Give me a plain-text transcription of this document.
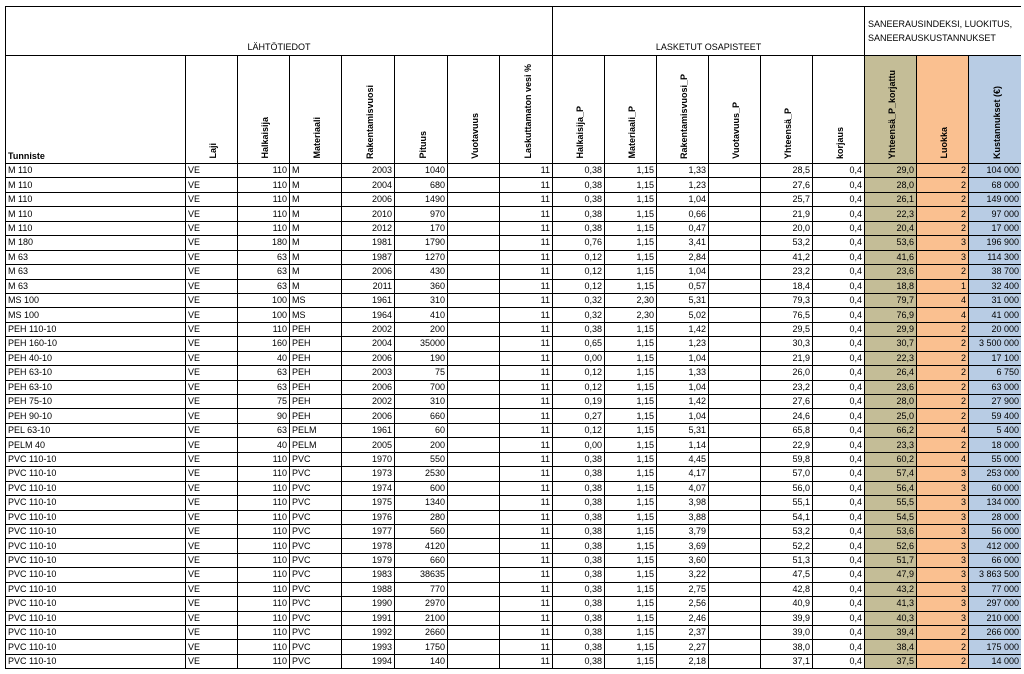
LÄHTÖTIEDOT								LASKETUT OSAPISTEET						SANEERAUSINDEKSI, LUOKITUS, SANEERAUSKUSTANNUKSET		
Tunniste	Laji	Halkaisija	Materiaali	Rakentamisvuosi	Pituus	Vuotavuus	Laskuttamaton vesi %	Halkaisija_P	Materiaali_P	Rakentamisvuosi_P	Vuotavuus_P	Yhteensä_P	korjaus	Yhteensä_P_korjattu	Luokka	Kustannukset (€)
M 110	VE	110	M	2003	1040		11	0,38	1,15	1,33		28,5	0,4	29,0	2	104 000
M 110	VE	110	M	2004	680		11	0,38	1,15	1,23		27,6	0,4	28,0	2	68 000
M 110	VE	110	M	2006	1490		11	0,38	1,15	1,04		25,7	0,4	26,1	2	149 000
M 110	VE	110	M	2010	970		11	0,38	1,15	0,66		21,9	0,4	22,3	2	97 000
M 110	VE	110	M	2012	170		11	0,38	1,15	0,47		20,0	0,4	20,4	2	17 000
M 180	VE	180	M	1981	1790		11	0,76	1,15	3,41		53,2	0,4	53,6	3	196 900
M 63	VE	63	M	1987	1270		11	0,12	1,15	2,84		41,2	0,4	41,6	3	114 300
M 63	VE	63	M	2006	430		11	0,12	1,15	1,04		23,2	0,4	23,6	2	38 700
M 63	VE	63	M	2011	360		11	0,12	1,15	0,57		18,4	0,4	18,8	1	32 400
MS 100	VE	100	MS	1961	310		11	0,32	2,30	5,31		79,3	0,4	79,7	4	31 000
MS 100	VE	100	MS	1964	410		11	0,32	2,30	5,02		76,5	0,4	76,9	4	41 000
PEH 110-10	VE	110	PEH	2002	200		11	0,38	1,15	1,42		29,5	0,4	29,9	2	20 000
PEH 160-10	VE	160	PEH	2004	35000		11	0,65	1,15	1,23		30,3	0,4	30,7	2	3 500 000
PEH 40-10	VE	40	PEH	2006	190		11	0,00	1,15	1,04		21,9	0,4	22,3	2	17 100
PEH 63-10	VE	63	PEH	2003	75		11	0,12	1,15	1,33		26,0	0,4	26,4	2	6 750
PEH 63-10	VE	63	PEH	2006	700		11	0,12	1,15	1,04		23,2	0,4	23,6	2	63 000
PEH 75-10	VE	75	PEH	2002	310		11	0,19	1,15	1,42		27,6	0,4	28,0	2	27 900
PEH 90-10	VE	90	PEH	2006	660		11	0,27	1,15	1,04		24,6	0,4	25,0	2	59 400
PEL 63-10	VE	63	PELM	1961	60		11	0,12	1,15	5,31		65,8	0,4	66,2	4	5 400
PELM 40	VE	40	PELM	2005	200		11	0,00	1,15	1,14		22,9	0,4	23,3	2	18 000
PVC 110-10	VE	110	PVC	1970	550		11	0,38	1,15	4,45		59,8	0,4	60,2	4	55 000
PVC 110-10	VE	110	PVC	1973	2530		11	0,38	1,15	4,17		57,0	0,4	57,4	3	253 000
PVC 110-10	VE	110	PVC	1974	600		11	0,38	1,15	4,07		56,0	0,4	56,4	3	60 000
PVC 110-10	VE	110	PVC	1975	1340		11	0,38	1,15	3,98		55,1	0,4	55,5	3	134 000
PVC 110-10	VE	110	PVC	1976	280		11	0,38	1,15	3,88		54,1	0,4	54,5	3	28 000
PVC 110-10	VE	110	PVC	1977	560		11	0,38	1,15	3,79		53,2	0,4	53,6	3	56 000
PVC 110-10	VE	110	PVC	1978	4120		11	0,38	1,15	3,69		52,2	0,4	52,6	3	412 000
PVC 110-10	VE	110	PVC	1979	660		11	0,38	1,15	3,60		51,3	0,4	51,7	3	66 000
PVC 110-10	VE	110	PVC	1983	38635		11	0,38	1,15	3,22		47,5	0,4	47,9	3	3 863 500
PVC 110-10	VE	110	PVC	1988	770		11	0,38	1,15	2,75		42,8	0,4	43,2	3	77 000
PVC 110-10	VE	110	PVC	1990	2970		11	0,38	1,15	2,56		40,9	0,4	41,3	3	297 000
PVC 110-10	VE	110	PVC	1991	2100		11	0,38	1,15	2,46		39,9	0,4	40,3	3	210 000
PVC 110-10	VE	110	PVC	1992	2660		11	0,38	1,15	2,37		39,0	0,4	39,4	2	266 000
PVC 110-10	VE	110	PVC	1993	1750		11	0,38	1,15	2,27		38,0	0,4	38,4	2	175 000
PVC 110-10	VE	110	PVC	1994	140		11	0,38	1,15	2,18		37,1	0,4	37,5	2	14 000
